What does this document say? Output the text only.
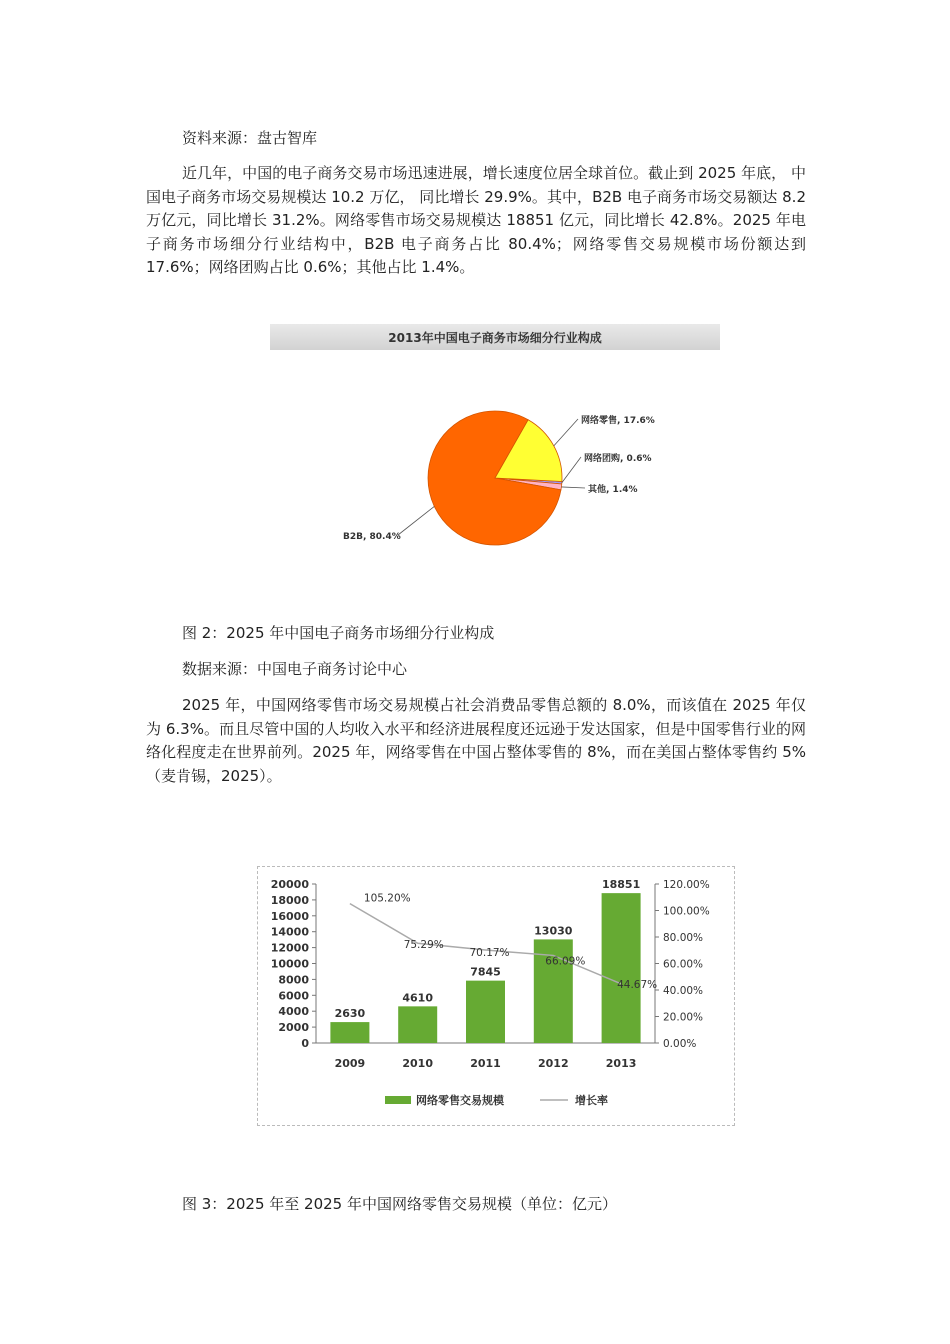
资料来源：盘古智库
近几年，中国的电子商务交易市场迅速进展，增长速度位居全球首位。截止到 2025 年底， 中国电子商务市场交易规模达 10.2 万亿， 同比增长 29.9%。其中，B2B 电子商务市场交易额达 8.2 万亿元，同比增长 31.2%。网络零售市场交易规模达 18851 亿元，同比增长 42.8%。2025 年电子商务市场细分行业结构中，B2B 电子商务占比 80.4%；网络零售交易规模市场份额达到 17.6%；网络团购占比 0.6%；其他占比 1.4%。
2013年中国电子商务市场细分行业构成
B2B, 80.4%
网络零售, 17.6%
网络团购, 0.6%
其他, 1.4%
图 2：2025 年中国电子商务市场细分行业构成
数据来源：中国电子商务讨论中心
2025 年，中国网络零售市场交易规模占社会消费品零售总额的 8.0%，而该值在 2025 年仅为 6.3%。而且尽管中国的人均收入水平和经济进展程度还远逊于发达国家，但是中国零售行业的网络化程度走在世界前列。2025 年，网络零售在中国占整体零售的 8%，而在美国占整体零售约 5%（麦肯锡，2025）。
0
2000
4000
6000
8000
10000
12000
14000
16000
18000
20000
0.00%
20.00%
40.00%
60.00%
80.00%
100.00%
120.00%
2009	2010	2011	2012	2013
2630
4610
7845
13030
18851
105.20%
75.29%
70.17%
66.09%
44.67%
网络零售交易规模	增长率
图 3：2025 年至 2025 年中国网络零售交易规模（单位：亿元）
